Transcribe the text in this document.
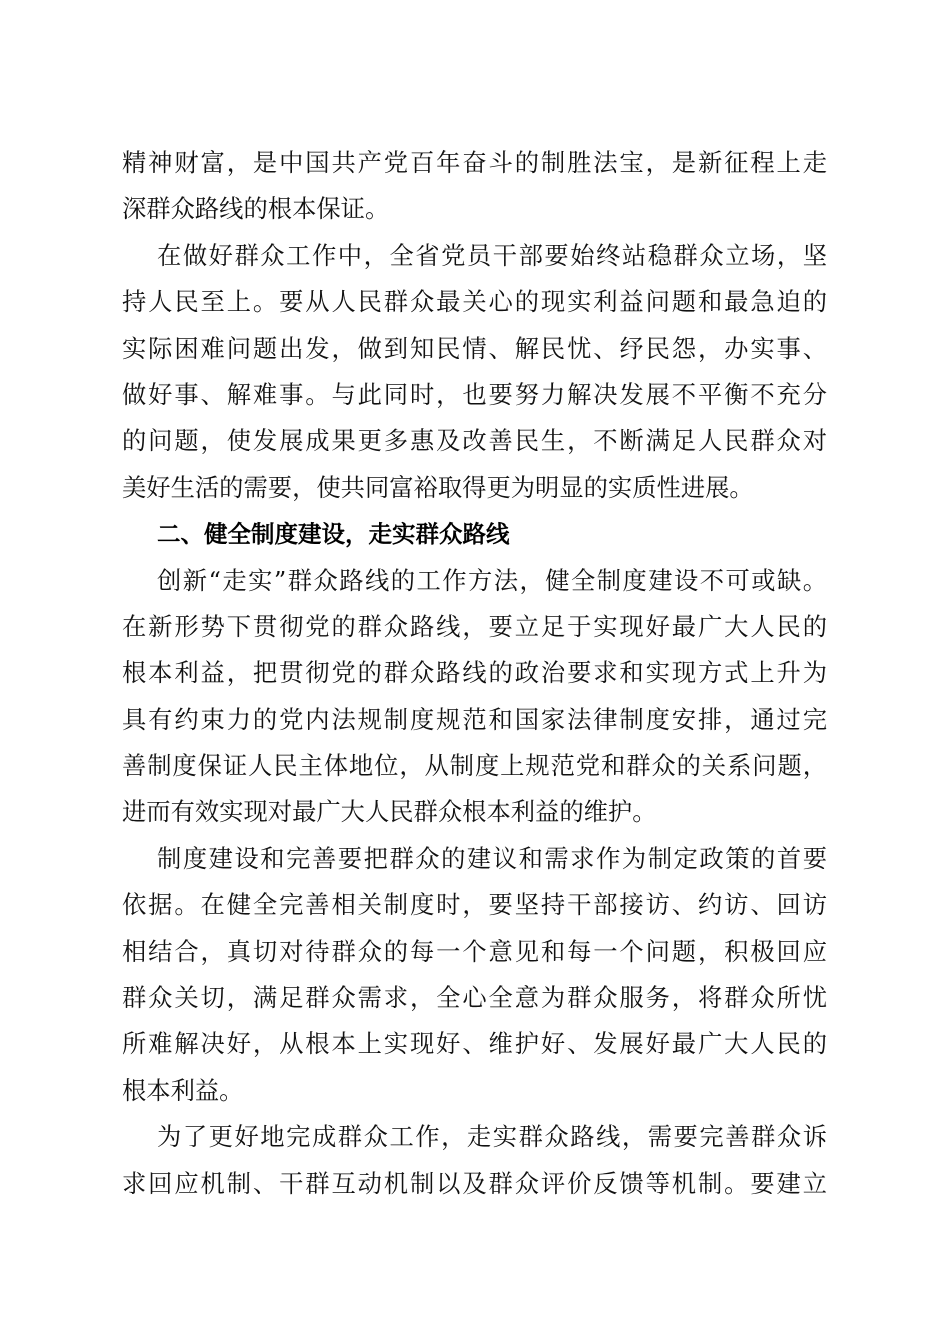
精神财富，是中国共产党百年奋斗的制胜法宝，是新征程上走
深群众路线的根本保证。
在做好群众工作中，全省党员干部要始终站稳群众立场，坚
持人民至上。要从人民群众最关心的现实利益问题和最急迫的
实际困难问题出发，做到知民情、解民忧、纾民怨，办实事、
做好事、解难事。与此同时，也要努力解决发展不平衡不充分
的问题，使发展成果更多惠及改善民生，不断满足人民群众对
美好生活的需要，使共同富裕取得更为明显的实质性进展。
二、健全制度建设，走实群众路线
创新“走实”群众路线的工作方法，健全制度建设不可或缺。
在新形势下贯彻党的群众路线，要立足于实现好最广大人民的
根本利益，把贯彻党的群众路线的政治要求和实现方式上升为
具有约束力的党内法规制度规范和国家法律制度安排，通过完
善制度保证人民主体地位，从制度上规范党和群众的关系问题，
进而有效实现对最广大人民群众根本利益的维护。
制度建设和完善要把群众的建议和需求作为制定政策的首要
依据。在健全完善相关制度时，要坚持干部接访、约访、回访
相结合，真切对待群众的每一个意见和每一个问题，积极回应
群众关切，满足群众需求，全心全意为群众服务，将群众所忧
所难解决好，从根本上实现好、维护好、发展好最广大人民的
根本利益。
为了更好地完成群众工作，走实群众路线，需要完善群众诉
求回应机制、干群互动机制以及群众评价反馈等机制。要建立
